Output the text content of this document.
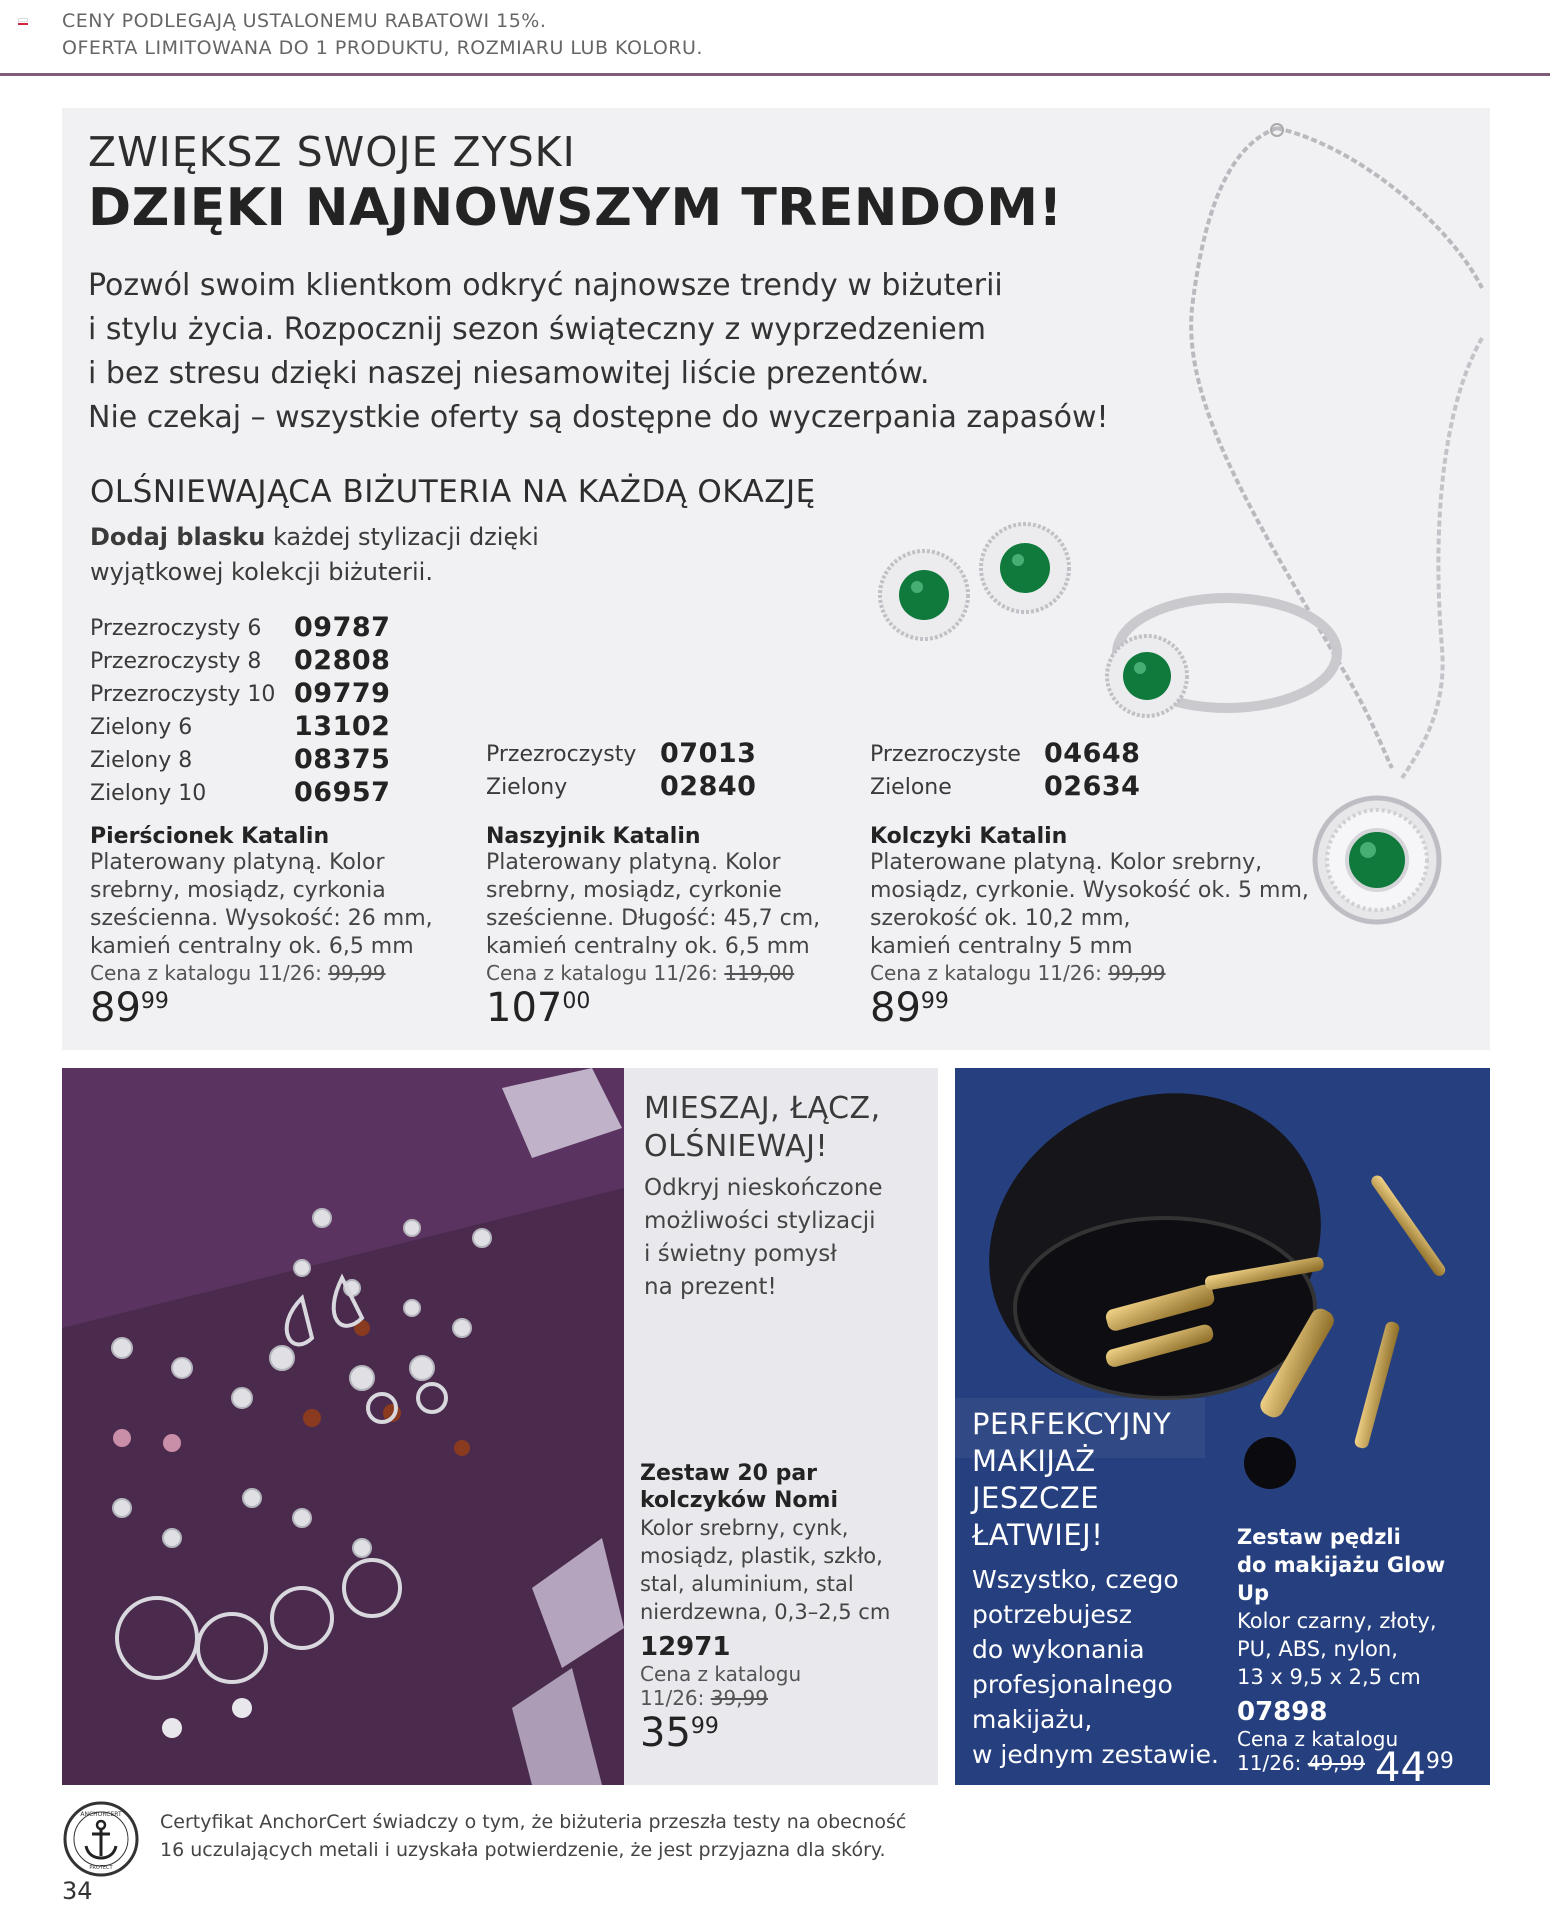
CENY PODLEGAJĄ USTALONEMU RABATOWI 15%.
OFERTA LIMITOWANA DO 1 PRODUKTU, ROZMIARU LUB KOLORU.
ZWIĘKSZ SWOJE ZYSKI
DZIĘKI NAJNOWSZYM TRENDOM!
Pozwól swoim klientkom odkryć najnowsze trendy w biżuterii
i stylu życia. Rozpocznij sezon świąteczny z wyprzedzeniem
i bez stresu dzięki naszej niesamowitej liście prezentów.
Nie czekaj – wszystkie oferty są dostępne do wyczerpania zapasów!
OLŚNIEWAJĄCA BIŻUTERIA NA KAŻDĄ OKAZJĘ
Dodaj blasku każdej stylizacji dzięki
wyjątkowej kolekcji biżuterii.
Przezroczysty 6 09787
Przezroczysty 8 02808
Przezroczysty 10 09779
Zielony 6	13102
Zielony 8	08375
Zielony 10	06957
Pierścionek Katalin
Platerowany platyną. Kolor
srebrny, mosiądz, cyrkonia
sześcienna. Wysokość: 26 mm,
kamień centralny ok. 6,5 mm
Cena z katalogu 11/26: 99,99
$89^{99}$
Przezroczysty 07013
Zielony	02840
Naszyjnik Katalin
Platerowany platyną. Kolor
srebrny, mosiądz, cyrkonie
sześcienne. Długość: 45,7 cm,
kamień centralny ok. 6,5 mm
Cena z katalogu 11/26: 119,00
$107^{00}$
Przezroczyste 04648
Zielone	02634
Kolczyki Katalin
Platerowane platyną. Kolor srebrny,
mosiądz, cyrkonie. Wysokość ok. 5 mm,
szerokość ok. 10,2 mm,
kamień centralny 5 mm
Cena z katalogu 11/26: 99,99
$89^{99}$
MIESZAJ, ŁĄCZ,
OLŚNIEWAJ!
Odkryj nieskończone
możliwości stylizacji
i świetny pomysł
na prezent!
Zestaw 20 par
kolczyków Nomi
Kolor srebrny, cynk,
mosiądz, plastik, szkło,
stal, aluminium, stal
nierdzewna, 0,3–2,5 cm
12971
Cena z katalogu
11/26: 39,99
$35^{99}$
PERFEKCYJNY
MAKIJAŻ
JESZCZE
ŁATWIEJ!
Wszystko, czego
potrzebujesz
do wykonania
profesjonalnego
makijażu,
w jednym zestawie.
Zestaw pędzli
do makijażu Glow Up
Kolor czarny, złoty,
PU, ABS, nylon,
13 x 9,5 x 2,5 cm
07898
Cena z katalogu
11/26: 49,99 $44^{99}$
ANCHORCERT
PROTECT
Certyfikat AnchorCert świadczy o tym, że biżuteria przeszła testy na obecność
16 uczulających metali i uzyskała potwierdzenie, że jest przyjazna dla skóry.
34
